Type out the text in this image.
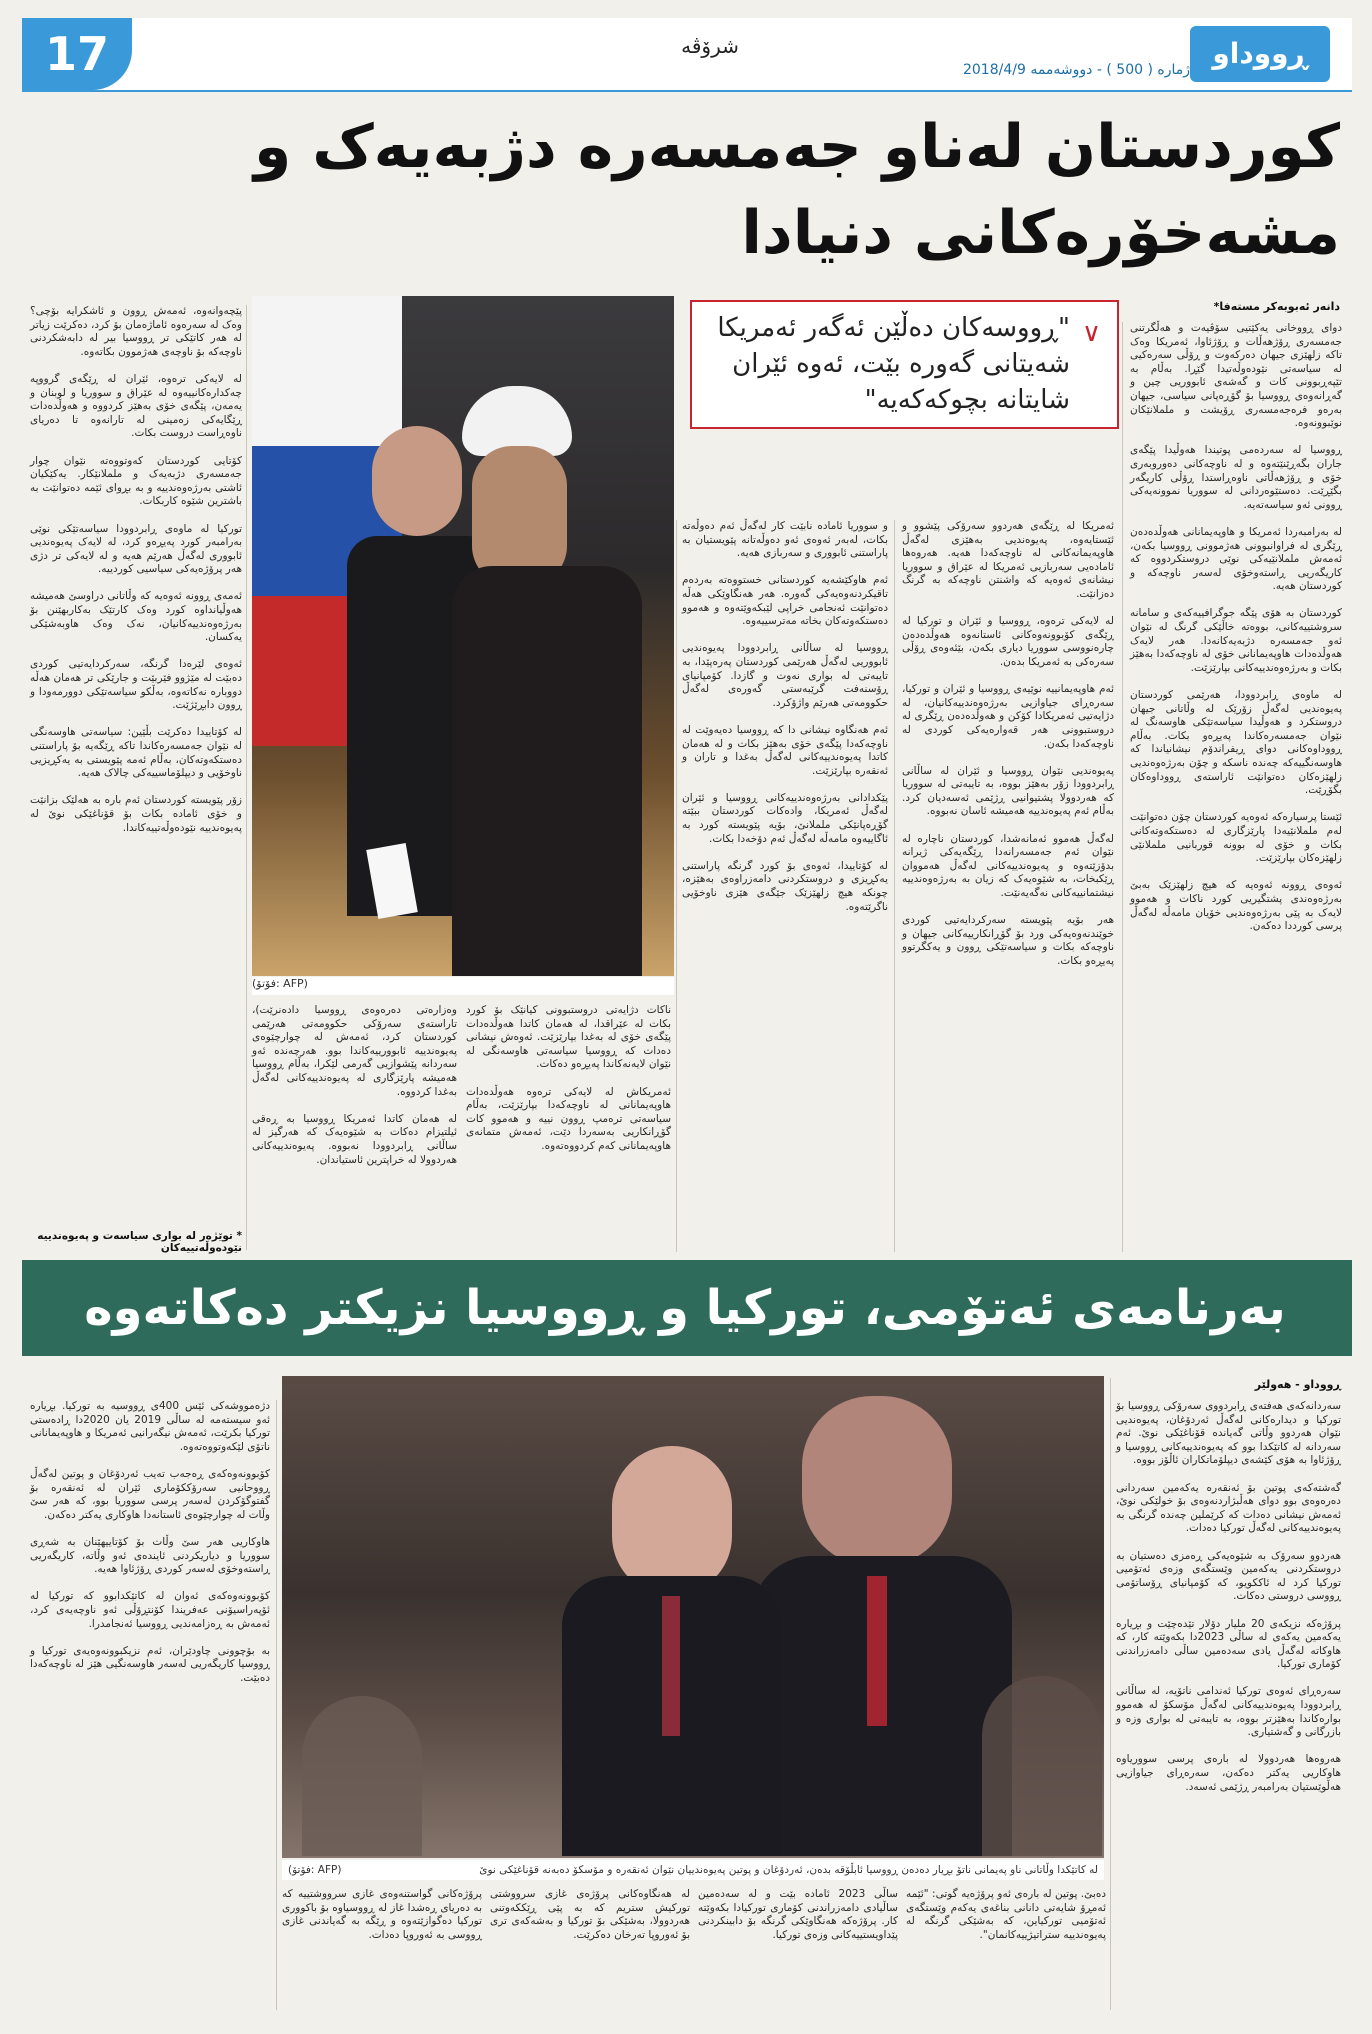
17	شرۆڤە
ژمارە ( 500 ) - دووشەممە 2018/4/9 ڕووداو
کوردستان لەناو جەمسەرە دژبەیەک و
مشەخۆرەکانی دنیادا
دانەر ئەبوبەکر مستەفا*
∨
"ڕووسەکان دەڵێن ئەگەر ئەمریکا شەیتانی گەورە بێت، ئەوە ئێران شایتانە بچوکەکەیە"
(فۆتۆ: AFP)
دوای ڕووخانی یەکێتیی سۆڤیەت و ھەڵگرتنی جەمسەری ڕۆژھەڵات و ڕۆژئاوا، ئەمریکا وەک تاکە زلھێزی جیھان دەرکەوت و ڕۆڵی سەرەکیی لە سیاسەتی نێودەوڵەتیدا گێڕا. بەڵام بە تێپەڕبوونی کات و گەشەی ئابووریی چین و گەڕانەوەی ڕووسیا بۆ گۆڕەپانی سیاسی، جیھان بەرەو فرەجەمسەری ڕۆیشت و ململانێکان نوێبوونەوە.

ڕووسیا لە سەردەمی پوتیندا ھەوڵیدا پێگەی جاران بگەڕێنێتەوە و لە ناوچەکانی دەوروبەری خۆی و ڕۆژھەڵاتی ناوەڕاستدا ڕۆڵی کاریگەر بگێڕێت. دەستێوەردانی لە سووریا نموونەیەکی ڕوونی ئەو سیاسەتەیە.

لە بەرامبەردا ئەمریکا و ھاوپەیمانانی ھەوڵدەدەن ڕێگری لە فراوانبوونی ھەژموونی ڕووسیا بکەن، ئەمەش ململانێیەکی نوێی دروستکردووە کە کاریگەریی ڕاستەوخۆی لەسەر ناوچەکە و کوردستان ھەیە.

کوردستان بە ھۆی پێگە جوگرافییەکەی و سامانە سروشتییەکانی، بووەتە خاڵێکی گرنگ لە نێوان ئەو جەمسەرە دژبەیەکانەدا. ھەر لایەک ھەوڵدەدات ھاوپەیمانانی خۆی لە ناوچەکەدا بەھێز بکات و بەرژەوەندییەکانی بپارێزێت.

لە ماوەی ڕابردوودا، ھەرێمی کوردستان پەیوەندیی لەگەڵ زۆرێک لە وڵاتانی جیھان دروستکرد و ھەوڵیدا سیاسەتێکی ھاوسەنگ لە نێوان جەمسەرەکاندا پەیڕەو بکات. بەڵام ڕووداوەکانی دوای ڕیفراندۆم نیشانیاندا کە ھاوسەنگییەکە چەندە ناسکە و چۆن بەرژەوەندیی زلھێزەکان دەتوانێت ئاراستەی ڕووداوەکان بگۆڕێت.

ئێستا پرسیارەکە ئەوەیە کوردستان چۆن دەتوانێت لەم ململانێیەدا پارێزگاری لە دەستکەوتەکانی بکات و خۆی لە بوونە قوربانیی ململانێی زلھێزەکان بپارێزێت.

ئەوەی ڕوونە ئەوەیە کە ھیچ زلھێزێک بەبێ بەرژەوەندی پشتگیریی کورد ناکات و ھەموو لایەک بە پێی بەرژەوەندیی خۆیان مامەڵە لەگەڵ پرسی کورددا دەکەن.
ئەمریکا لە ڕێگەی ھەردوو سەرۆکی پێشوو و ئێستایەوە، پەیوەندیی بەھێزی لەگەڵ ھاوپەیمانەکانی لە ناوچەکەدا ھەیە. ھەروەھا ئامادەیی سەربازیی ئەمریکا لە عێراق و سووریا نیشانەی ئەوەیە کە واشنتن ناوچەکە بە گرنگ دەزانێت.

لە لایەکی ترەوە، ڕووسیا و ئێران و تورکیا لە ڕێگەی کۆبوونەوەکانی ئاستانەوە ھەوڵدەدەن چارەنووسی سووریا دیاری بکەن، بێئەوەی ڕۆڵی سەرەکی بە ئەمریکا بدەن.

ئەم ھاوپەیمانییە نوێیەی ڕووسیا و ئێران و تورکیا، سەرەڕای جیاوازیی بەرژەوەندییەکانیان، لە دژایەتیی ئەمریکادا کۆکن و ھەوڵدەدەن ڕێگری لە دروستبوونی ھەر قەوارەیەکی کوردی لە ناوچەکەدا بکەن.

پەیوەندیی نێوان ڕووسیا و ئێران لە ساڵانی ڕابردوودا زۆر بەھێز بووە، بە تایبەتی لە سووریا کە ھەردوولا پشتیوانیی ڕژێمی ئەسەدیان کرد. بەڵام ئەم پەیوەندییە ھەمیشە ئاسان نەبووە.

لەگەڵ ھەموو ئەمانەشدا، کوردستان ناچارە لە نێوان ئەم جەمسەرانەدا ڕێگەیەکی ژیرانە بدۆزێتەوە و پەیوەندییەکانی لەگەڵ ھەمووان ڕێکبخات، بە شێوەیەک کە زیان بە بەرژەوەندییە نیشتمانییەکانی نەگەیەنێت.

ھەر بۆیە پێویستە سەرکردایەتیی کوردی خوێندنەوەیەکی ورد بۆ گۆڕانکارییەکانی جیھان و ناوچەکە بکات و سیاسەتێکی ڕوون و یەکگرتوو پەیڕەو بکات.
و سووریا ئامادە نابێت کار لەگەڵ ئەم دەوڵەتە بکات، لەبەر ئەوەی ئەو دەوڵەتانە پێویستیان بە پاراستنی ئابووری و سەربازی ھەیە.

ئەم ھاوکێشەیە کوردستانی خستووەتە بەردەم تاقیکردنەوەیەکی گەورە. ھەر ھەنگاوێکی ھەڵە دەتوانێت ئەنجامی خراپی لێبکەوێتەوە و ھەموو دەستکەوتەکان بخاتە مەترسییەوە.

ڕووسیا لە ساڵانی ڕابردوودا پەیوەندیی ئابووریی لەگەڵ ھەرێمی کوردستان پەرەپێدا، بە تایبەتی لە بواری نەوت و گازدا. کۆمپانیای ڕۆسنەفت گرێبەستی گەورەی لەگەڵ حکوومەتی ھەرێم واژۆکرد.

ئەم ھەنگاوە نیشانی دا کە ڕووسیا دەیەوێت لە ناوچەکەدا پێگەی خۆی بەھێز بکات و لە ھەمان کاتدا پەیوەندییەکانی لەگەڵ بەغدا و تاران و ئەنقەرە بپارێزێت.

پێکدادانی بەرژەوەندییەکانی ڕووسیا و ئێران لەگەڵ ئەمریکا، وادەکات کوردستان ببێتە گۆڕەپانێکی ململانێ، بۆیە پێویستە کورد بە ئاگاییەوە مامەڵە لەگەڵ ئەم دۆخەدا بکات.

لە کۆتاییدا، ئەوەی بۆ کورد گرنگە پاراستنی یەکڕیزی و دروستکردنی دامەزراوەی بەھێزە، چونکە ھیچ زلھێزێک جێگەی ھێزی ناوخۆیی ناگرێتەوە.
پێچەوانەوە، ئەمەش ڕوون و ئاشکرایە بۆچی؟ وەک لە سەرەوە ئاماژەمان بۆ کرد، دەکرێت زیاتر لە ھەر کاتێکی تر ڕووسیا بیر لە دابەشکردنی ناوچەکە بۆ ناوچەی ھەژموون بکاتەوە.

لە لایەکی ترەوە، ئێران لە ڕێگەی گرووپە چەکدارەکانییەوە لە عێراق و سووریا و لوبنان و یەمەن، پێگەی خۆی بەھێز کردووە و ھەوڵدەدات ڕێگایەکی زەمینی لە تارانەوە تا دەریای ناوەڕاست دروست بکات.

کۆتایی کوردستان کەوتووەتە نێوان چوار جەمسەری دژبەیەک و ململانێکار. یەکێکیان ئاشتی بەرژەوەندییە و بە بڕوای ئێمە دەتوانێت بە باشترین شێوە کاربکات.

تورکیا لە ماوەی ڕابردوودا سیاسەتێکی نوێی بەرامبەر کورد پەیڕەو کرد، لە لایەک پەیوەندیی ئابووری لەگەڵ ھەرێم ھەیە و لە لایەکی تر دژی ھەر پرۆژەیەکی سیاسیی کوردییە.

ئەمەی ڕوونە ئەوەیە کە وڵاتانی دراوسێ ھەمیشە ھەوڵیانداوە کورد وەک کارتێک بەکاربھێنن بۆ بەرژەوەندییەکانیان، نەک وەک ھاوبەشێکی یەکسان.

ئەوەی لێرەدا گرنگە، سەرکردایەتیی کوردی دەبێت لە مێژوو فێربێت و جارێکی تر ھەمان ھەڵە دووبارە نەکاتەوە، بەڵکو سیاسەتێکی دوورمەودا و ڕوون دابڕێژێت.

لە کۆتاییدا دەکرێت بڵێین: سیاسەتی ھاوسەنگی لە نێوان جەمسەرەکاندا تاکە ڕێگەیە بۆ پاراستنی دەستکەوتەکان، بەڵام ئەمە پێویستی بە یەکڕیزیی ناوخۆیی و دیپلۆماسییەکی چالاک ھەیە.

زۆر پێویستە کوردستان ئەم بارە بە ھەلێک بزانێت و خۆی ئامادە بکات بۆ قۆناغێکی نوێ لە پەیوەندییە نێودەوڵەتییەکاندا.
* توێژەر لە بواری سیاسەت و پەیوەندییە نێودەوڵەتییەکان
وەزارەتی دەرەوەی ڕووسیا داده‌نرێت)، تاراستەی سەرۆکی حکوومەتی ھەرێمی کوردستان کرد، ئەمەش لە چوارچێوەی پەیوەندییە ئابوورییەکاندا بوو. ھەرچەندە ئەو سەردانە پێشوازیی گەرمی لێکرا، بەڵام ڕووسیا ھەمیشە پارێزگاری لە پەیوەندییەکانی لەگەڵ بەغدا کردووە.

لە ھەمان کاتدا ئەمریکا ڕووسیا بە ڕەقی ئیلتیزام دەکات بە شێوەیەک کە ھەرگیز لە ساڵانی ڕابردوودا نەبووە. پەیوەندییەکانی ھەردوولا لە خراپترین ئاستیاندان.
ناکات دژایەتی دروستبوونی کیانێک بۆ کورد بکات لە عێراقدا، لە ھەمان کاتدا ھەوڵدەدات پێگەی خۆی لە بەغدا بپارێزێت. ئەوەش نیشانی دەدات کە ڕووسیا سیاسەتی ھاوسەنگی لە نێوان لایەنەکاندا پەیڕەو دەکات.

ئەمریکاش لە لایەکی ترەوە ھەوڵدەدات ھاوپەیمانانی لە ناوچەکەدا بپارێزێت، بەڵام سیاسەتی ترەمپ ڕوون نییە و ھەموو کات گۆڕانکاریی بەسەردا دێت، ئەمەش متمانەی ھاوپەیمانانی کەم کردووەتەوە.
بەرنامەی ئەتۆمی، تورکیا و ڕووسیا نزیکتر دەکاتەوە
ڕووداو - ھەولێر
سەردانەکەی ھەفتەی ڕابردووی سەرۆکی ڕووسیا بۆ تورکیا و دیدارەکانی لەگەڵ ئەردۆغان، پەیوەندیی نێوان ھەردوو وڵاتی گەیاندە قۆناغێکی نوێ. ئەم سەردانە لە کاتێکدا بوو کە پەیوەندییەکانی ڕووسیا و ڕۆژئاوا بە ھۆی کێشەی دیپلۆماتکاران ئاڵۆز بووە.

گەشتەکەی پوتین بۆ ئەنقەرە یەکەمین سەردانی دەرەوەی بوو دوای ھەڵبژاردنەوەی بۆ خولێکی نوێ، ئەمەش نیشانی دەدات کە کرێملین چەندە گرنگی بە پەیوەندییەکانی لەگەڵ تورکیا دەدات.

ھەردوو سەرۆک بە شێوەیەکی ڕەمزی دەستیان بە دروستکردنی یەکەمین وێستگەی وزەی ئەتۆمیی تورکیا کرد لە ئاککویو، کە کۆمپانیای ڕۆساتۆمی ڕووسی دروستی دەکات.

پرۆژەکە نزیکەی 20 ملیار دۆلار تێدەچێت و بڕیارە یەکەمین یەکەی لە ساڵی 2023دا بکەوێتە کار، کە ھاوکاتە لەگەڵ یادی سەدەمین ساڵی دامەزراندنی کۆماری تورکیا.

سەرەڕای ئەوەی تورکیا ئەندامی ناتۆیە، لە ساڵانی ڕابردوودا پەیوەندییەکانی لەگەڵ مۆسکۆ لە ھەموو بوارەکاندا بەھێزتر بووە، بە تایبەتی لە بواری وزە و بازرگانی و گەشتیاری.

ھەروەھا ھەردوولا لە بارەی پرسی سووریاوە ھاوکاریی یەکتر دەکەن، سەرەڕای جیاوازیی ھەڵوێستیان بەرامبەر ڕژێمی ئەسەد.
(فۆتۆ: AFP)	لە کاتێکدا وڵاتانی ناو پەیمانی ناتۆ بڕیار دەدەن ڕووسیا ئابڵۆقە بدەن، ئەردۆغان و پوتین پەیوەندییان نێوان ئەنقەرە و مۆسکۆ دەبەنە قۆناغێکی نوێ
دژەمووشەکی ئێس 400ی ڕووسیە بە تورکیا. بڕیارە ئەو سیستەمە لە ساڵی 2019 یان 2020دا ڕادەستی تورکیا بکرێت، ئەمەش نیگەرانیی ئەمریکا و ھاوپەیمانانی ناتۆی لێکەوتووەتەوە.

کۆبوونەوەکەی ڕەجەب تەیب ئەردۆغان و پوتین لەگەڵ ڕووحانیی سەرۆککۆماری ئێران لە ئەنقەرە بۆ گفتوگۆکردن لەسەر پرسی سووریا بوو، کە ھەر سێ وڵات لە چوارچێوەی ئاستانەدا ھاوکاری یەکتر دەکەن.

ھاوکاریی ھەر سێ وڵات بۆ کۆتاییھێنان بە شەڕی سووریا و دیاریکردنی ئایندەی ئەو وڵاتە، کاریگەریی ڕاستەوخۆی لەسەر کوردی ڕۆژئاوا ھەیە.

کۆبوونەوەکەی ئەوان لە کاتێکدابوو کە تورکیا لە ئۆپەراسیۆنی عەفریندا کۆنتڕۆڵی ئەو ناوچەیەی کرد، ئەمەش بە ڕەزامەندیی ڕووسیا ئەنجامدرا.

بە بۆچوونی چاودێران، ئەم نزیکبوونەوەیەی تورکیا و ڕووسیا کاریگەریی لەسەر ھاوسەنگیی ھێز لە ناوچەکەدا دەبێت.
پرۆژەکانی گواستنەوەی غازی سرووشتییە کە بە دەریای ڕەشدا غاز لە ڕووسیاوە بۆ باکووری تورکیا دەگوازێتەوە و ڕێگە بە گەیاندنی غازی ڕووسی بە ئەوروپا دەدات.
لە ھەنگاوەکانی پرۆژەی غازی سرووشتی تورکیش ستریم کە بە پێی ڕێککەوتنی ھەردوولا، بەشێکی بۆ تورکیا و بەشەکەی تری بۆ ئەوروپا تەرخان دەکرێت.
ساڵی 2023 ئامادە بێت و لە سەدەمین ساڵیادی دامەزراندنی کۆماری تورکیادا بکەوێتە کار. پرۆژەکە ھەنگاوێکی گرنگە بۆ دابینکردنی پێداویستییەکانی وزەی تورکیا.
دەبێ. پوتین لە بارەی ئەو پرۆژەیە گوتی: "ئێمە ئەمڕۆ شایەتی دانانی بناغەی یەکەم وێستگەی ئەتۆمیی تورکیاین، کە بەشێکی گرنگە لە پەیوەندییە ستراتیژییەکانمان".
